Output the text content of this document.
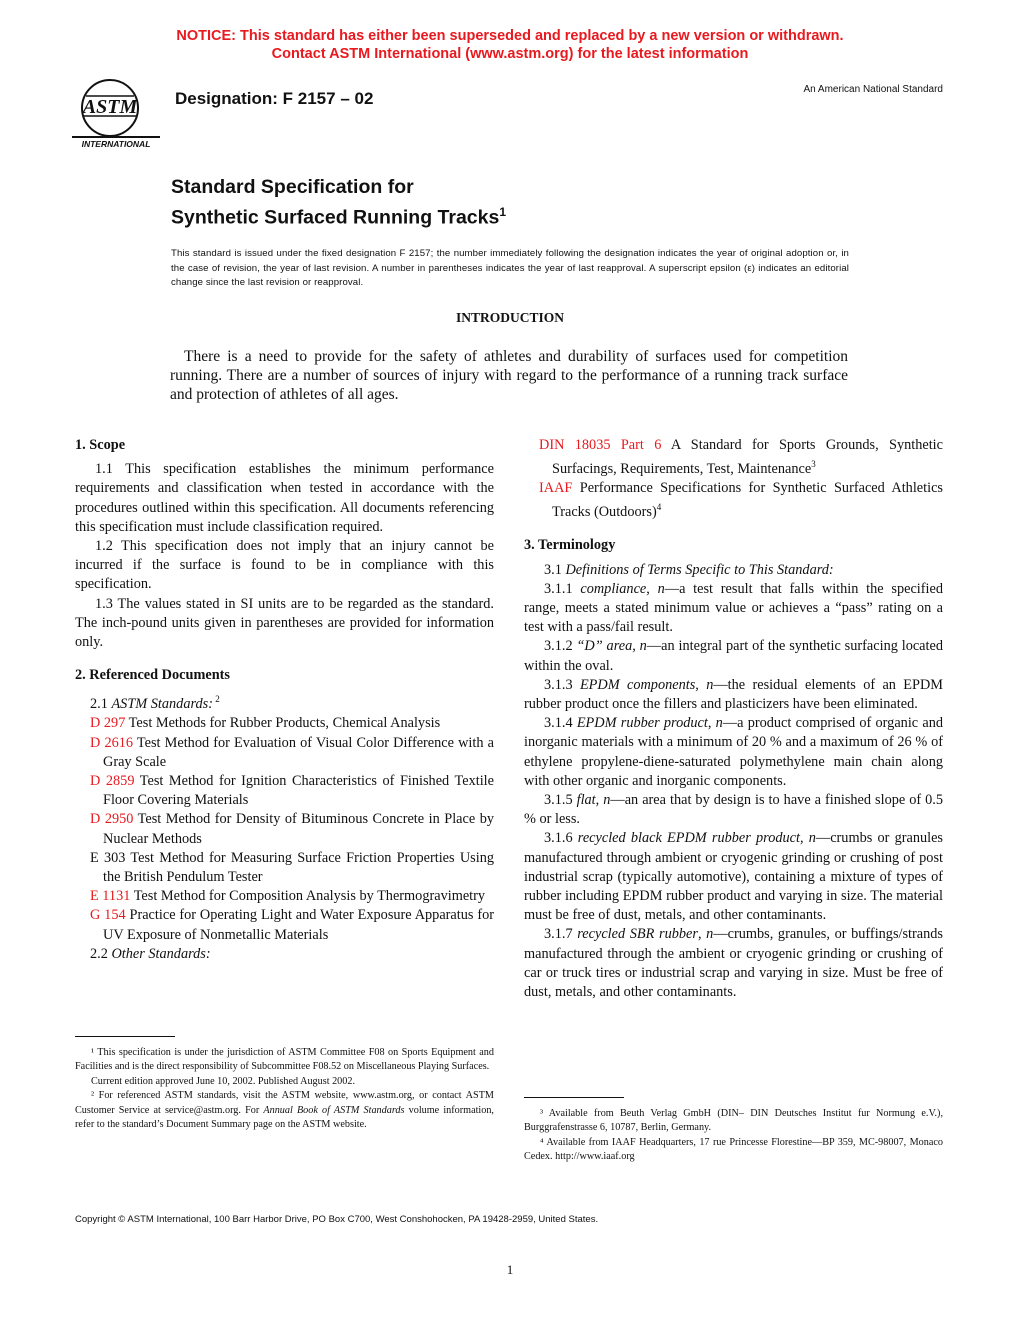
NOTICE: This standard has either been superseded and replaced by a new version or withdrawn.
Contact ASTM International (www.astm.org) for the latest information
ASTM
INTERNATIONAL
Designation: F 2157 – 02	An American National Standard
Standard Specification for
Synthetic Surfaced Running Tracks$^1$
This standard is issued under the fixed designation F 2157; the number immediately following the designation indicates the year of original adoption or, in the case of revision, the year of last revision. A number in parentheses indicates the year of last reapproval. A superscript epsilon (ε) indicates an editorial change since the last revision or reapproval.
INTRODUCTION
There is a need to provide for the safety of athletes and durability of surfaces used for competition running. There are a number of sources of injury with regard to the performance of a running track surface and protection of athletes of all ages.
1. Scope

1.1 This specification establishes the minimum performance requirements and classification when tested in accordance with the procedures outlined within this specification. All documents referencing this specification must include classification required.

1.2 This specification does not imply that an injury cannot be incurred if the surface is found to be in compliance with this specification.

1.3 The values stated in SI units are to be regarded as the standard. The inch-pound units given in parentheses are provided for information only.

2. Referenced Documents

2.1 ASTM Standards: $^2$

D 297 Test Methods for Rubber Products, Chemical Analysis

D 2616 Test Method for Evaluation of Visual Color Difference with a Gray Scale

D 2859 Test Method for Ignition Characteristics of Finished Textile Floor Covering Materials

D 2950 Test Method for Density of Bituminous Concrete in Place by Nuclear Methods

E 303 Test Method for Measuring Surface Friction Properties Using the British Pendulum Tester

E 1131 Test Method for Composition Analysis by Thermogravimetry

G 154 Practice for Operating Light and Water Exposure Apparatus for UV Exposure of Nonmetallic Materials

2.2 Other Standards:

DIN 18035 Part 6 A Standard for Sports Grounds, Synthetic Surfacings, Requirements, Test, Maintenance$^3$

IAAF Performance Specifications for Synthetic Surfaced Athletics Tracks (Outdoors)$^4$

3. Terminology

3.1 Definitions of Terms Specific to This Standard:

3.1.1 compliance, n—a test result that falls within the specified range, meets a stated minimum value or achieves a “pass” rating on a test with a pass/fail result.

3.1.2 “D” area, n—an integral part of the synthetic surfacing located within the oval.

3.1.3 EPDM components, n—the residual elements of an EPDM rubber product once the fillers and plasticizers have been eliminated.

3.1.4 EPDM rubber product, n—a product comprised of organic and inorganic materials with a minimum of 20 % and a maximum of 26 % of ethylene propylene-diene-saturated polymethylene main chain along with other organic and inorganic components.

3.1.5 flat, n—an area that by design is to have a finished slope of 0.5 % or less.

3.1.6 recycled black EPDM rubber product, n—crumbs or granules manufactured through ambient or cryogenic grinding or crushing of post industrial scrap (typically automotive), containing a mixture of types of rubber including EPDM rubber product and varying in size. The material must be free of dust, metals, and other contaminants.

3.1.7 recycled SBR rubber, n—crumbs, granules, or buffings/strands manufactured through the ambient or cryogenic grinding or crushing of car or truck tires or industrial scrap and varying in size. Must be free of dust, metals, and other contaminants.

¹ This specification is under the jurisdiction of ASTM Committee F08 on Sports Equipment and Facilities and is the direct responsibility of Subcommittee F08.52 on Miscellaneous Playing Surfaces.

Current edition approved June 10, 2002. Published August 2002.

² For referenced ASTM standards, visit the ASTM website, www.astm.org, or contact ASTM Customer Service at service@astm.org. For Annual Book of ASTM Standards volume information, refer to the standard’s Document Summary page on the ASTM website.

³ Available from Beuth Verlag GmbH (DIN– DIN Deutsches Institut fur Normung e.V.), Burggrafenstrasse 6, 10787, Berlin, Germany.

⁴ Available from IAAF Headquarters, 17 rue Princesse Florestine—BP 359, MC-98007, Monaco Cedex. http://www.iaaf.org

Copyright © ASTM International, 100 Barr Harbor Drive, PO Box C700, West Conshohocken, PA 19428-2959, United States.
1
